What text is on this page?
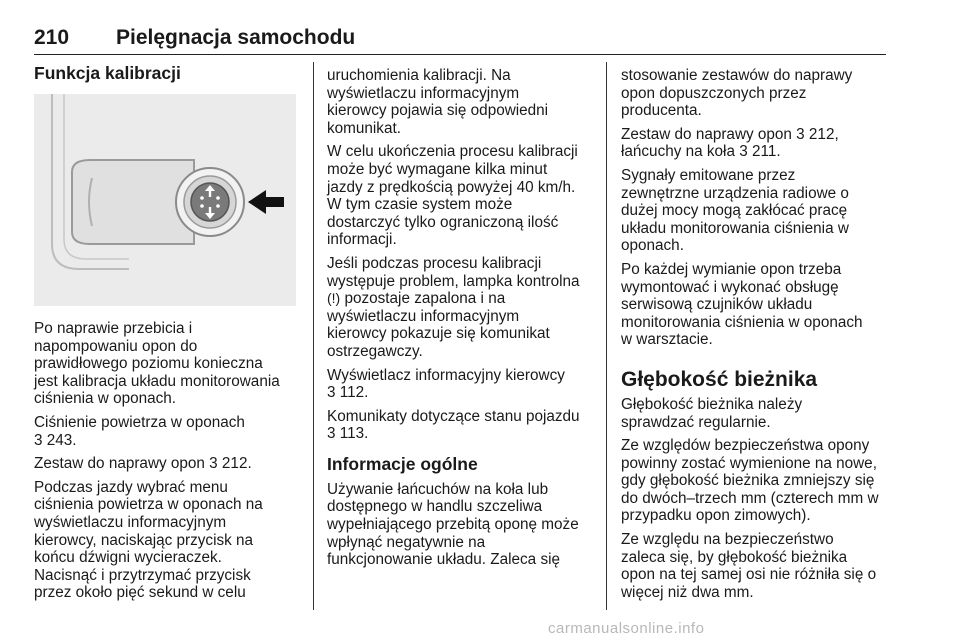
210 Pielęgnacja samochodu
Funkcja kalibracji

Po naprawie przebicia i
napompowaniu opon do
prawidłowego poziomu konieczna
jest kalibracja układu monitorowania
ciśnienia w oponach.

Ciśnienie powietrza w oponach
3 243.

Zestaw do naprawy opon 3 212.

Podczas jazdy wybrać menu
ciśnienia powietrza w oponach na
wyświetlaczu informacyjnym
kierowcy, naciskając przycisk na
końcu dźwigni wycieraczek.
Nacisnąć i przytrzymać przycisk
przez około pięć sekund w celu

uruchomienia kalibracji. Na
wyświetlaczu informacyjnym
kierowcy pojawia się odpowiedni
komunikat.

W celu ukończenia procesu kalibracji
może być wymagane kilka minut
jazdy z prędkością powyżej 40 km/h.
W tym czasie system może
dostarczyć tylko ograniczoną ilość
informacji.

Jeśli podczas procesu kalibracji
występuje problem, lampka kontrolna
(!) pozostaje zapalona i na
wyświetlaczu informacyjnym
kierowcy pokazuje się komunikat
ostrzegawczy.

Wyświetlacz informacyjny kierowcy
3 112.

Komunikaty dotyczące stanu pojazdu
3 113.

Informacje ogólne

Używanie łańcuchów na koła lub
dostępnego w handlu szczeliwa
wypełniającego przebitą oponę może
wpłynąć negatywnie na
funkcjonowanie układu. Zaleca się

stosowanie zestawów do naprawy
opon dopuszczonych przez
producenta.

Zestaw do naprawy opon 3 212,
łańcuchy na koła 3 211.

Sygnały emitowane przez
zewnętrzne urządzenia radiowe o
dużej mocy mogą zakłócać pracę
układu monitorowania ciśnienia w
oponach.

Po każdej wymianie opon trzeba
wymontować i wykonać obsługę
serwisową czujników układu
monitorowania ciśnienia w oponach
w warsztacie.

Głębokość bieżnika

Głębokość bieżnika należy
sprawdzać regularnie.

Ze względów bezpieczeństwa opony
powinny zostać wymienione na nowe,
gdy głębokość bieżnika zmniejszy się
do dwóch–trzech mm (czterech mm w
przypadku opon zimowych).

Ze względu na bezpieczeństwo
zaleca się, by głębokość bieżnika
opon na tej samej osi nie różniła się o
więcej niż dwa mm.

carmanualsonline.info
